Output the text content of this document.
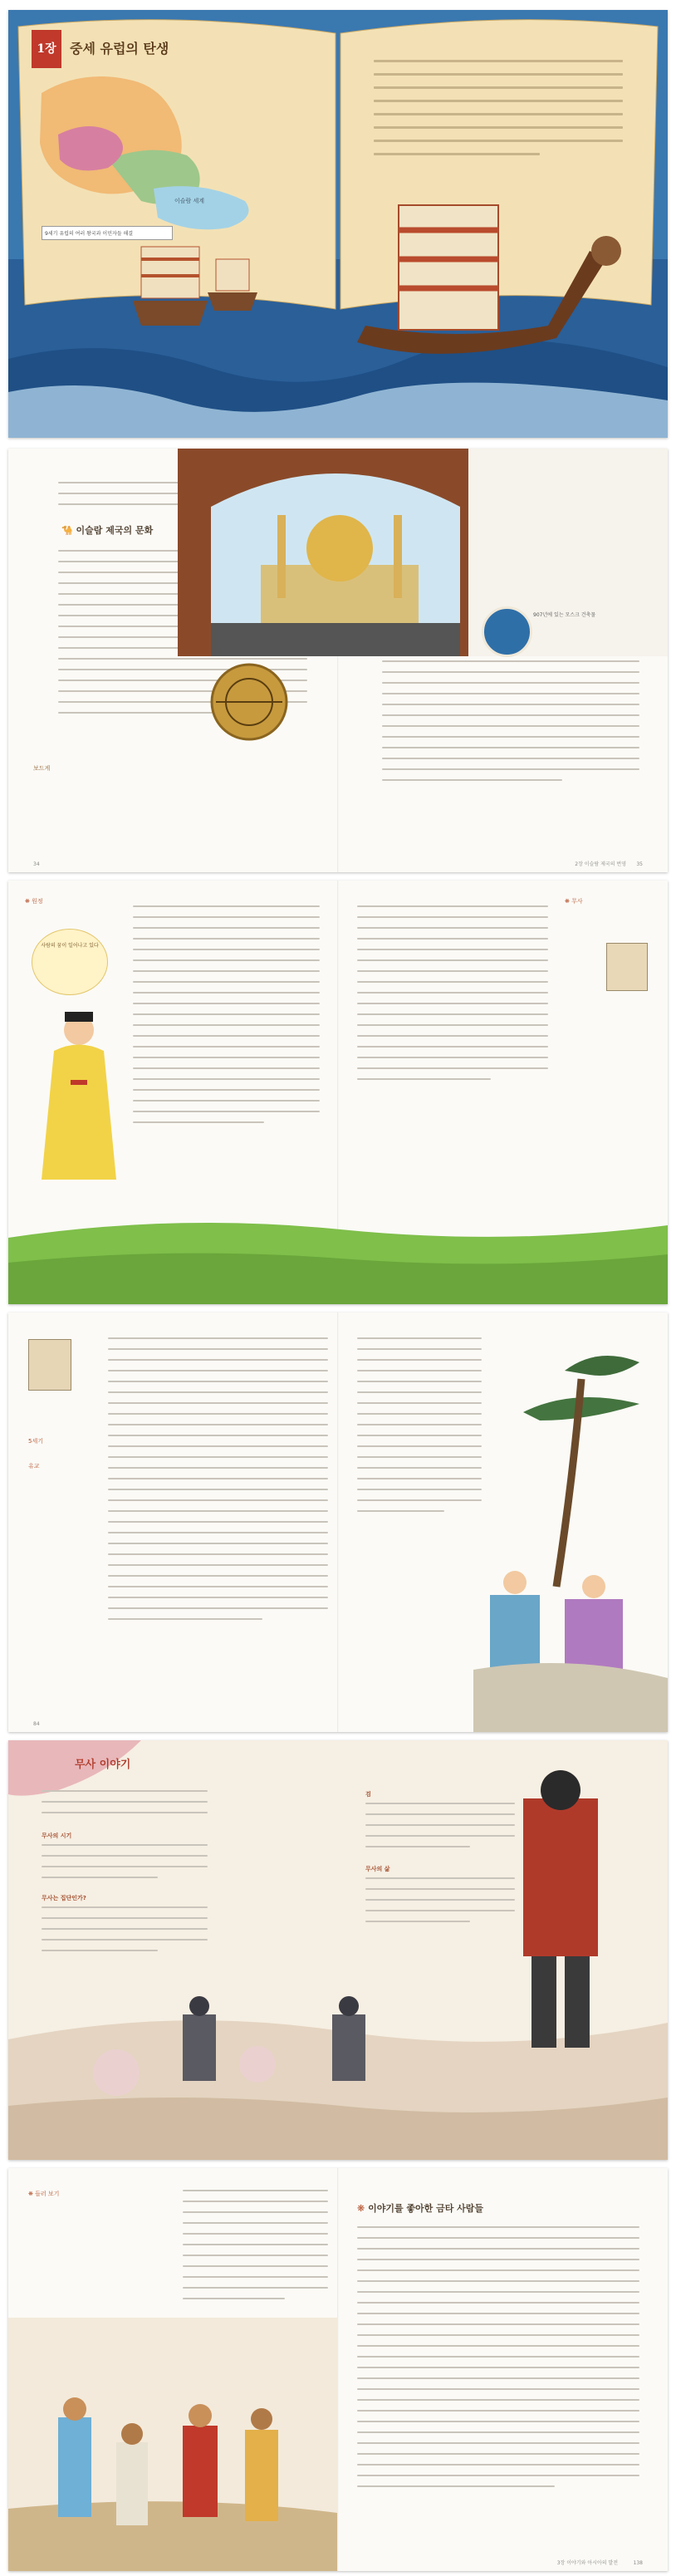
1장	중세 유럽의 탄생
이슬람 세계
9세기 유럽의 여러 왕국과 이민자들 해결
🐪 이슬람 제국의 문화
보드게
907년에 있는 모스크 건축물
34	35
2장 이슬람 제국의 번영
❋ 원정
사람의 꿈이 일어나고 있다
❋ 무사
5세기
유교
84
무사 이야기
무사의 시기
무사는 집단인가?
검
무사의 삶
❋ 들러 보기
❋ 이야기를 좋아한 금타 사람들
3장 이야기와 아시아의 발전	138
